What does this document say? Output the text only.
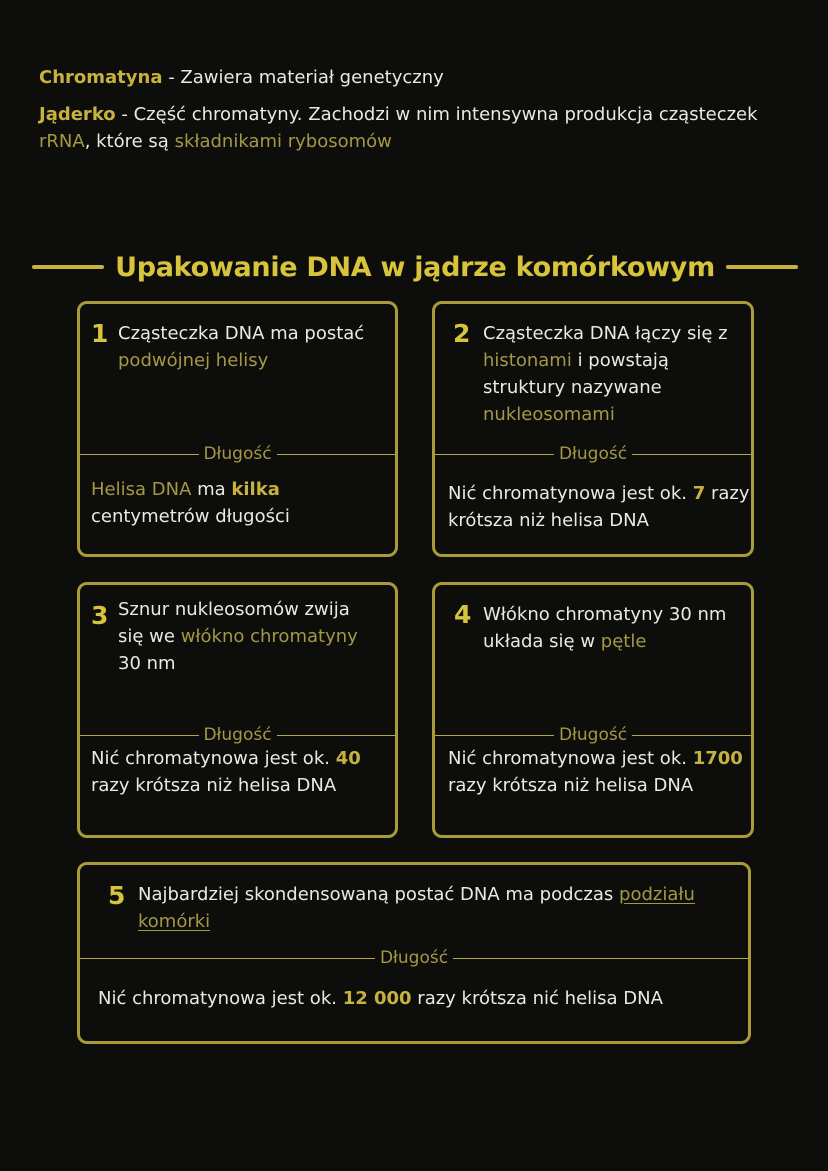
Chromatyna - Zawiera materiał genetyczny

Jąderko - Część chromatyny. Zachodzi w nim intensywna produkcja cząsteczek rRNA, które są składnikami rybosomów

Upakowanie DNA w jądrze komórkowym
1 Cząsteczka DNA ma postać podwójnej helisy
Długość
Helisa DNA ma kilka centymetrów długości
2 Cząsteczka DNA łączy się z histonami i powstają struktury nazywane nukleosomami
Długość
Nić chromatynowa jest ok. 7 razy krótsza niż helisa DNA
3 Sznur nukleosomów zwija się we włókno chromatyny 30 nm
Długość
Nić chromatynowa jest ok. 40 razy krótsza niż helisa DNA
4 Włókno chromatyny 30 nm układa się w pętle
Długość
Nić chromatynowa jest ok. 1700 razy krótsza niż helisa DNA
5 Najbardziej skondensowaną postać DNA ma podczas podziału komórki
Długość
Nić chromatynowa jest ok. 12 000 razy krótsza nić helisa DNA
